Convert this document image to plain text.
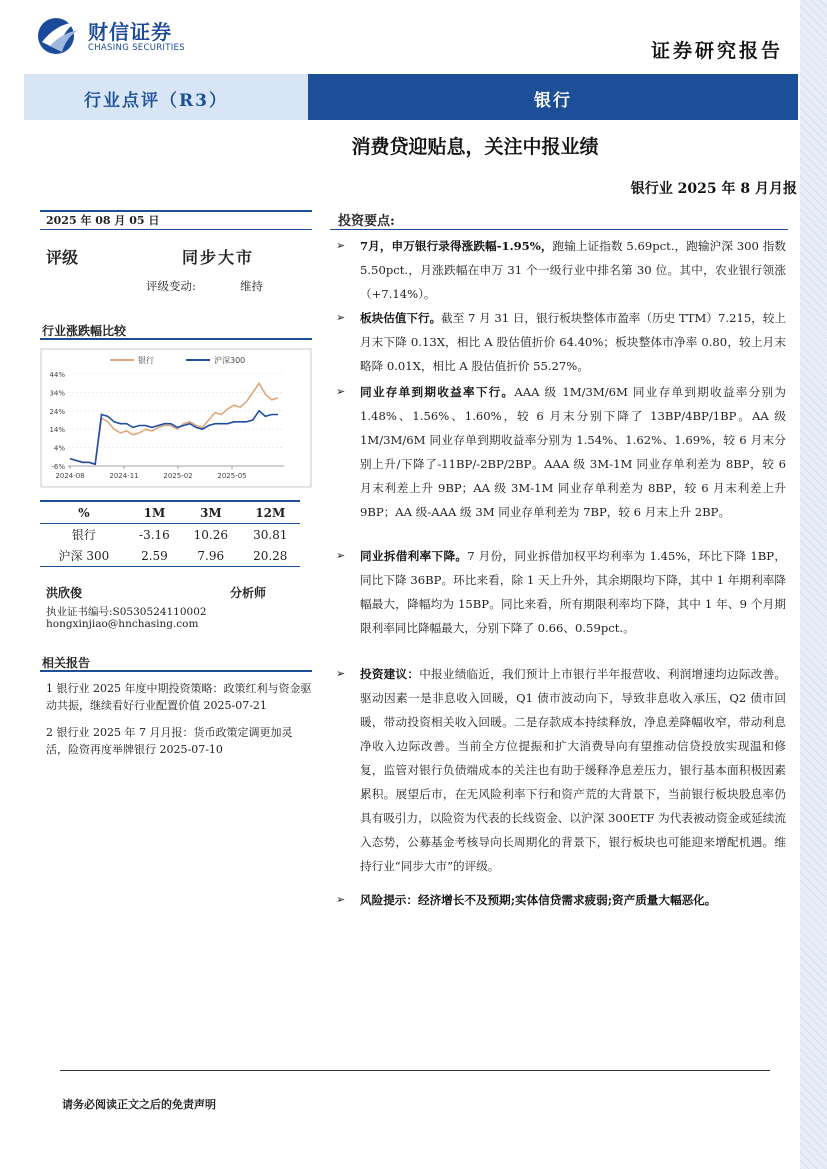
财信证券
CHASING SECURITIES	证券研究报告
行业点评（R3）	银行
消费贷迎贴息，关注中报业绩
银行业 2025 年 8 月月报
2025 年 08 月 05 日
评级	同步大市
评级变动:	维持
行业涨跌幅比较
银行	沪深300
44%
34%
24%
14%
4%
-6%
2024-08	2024-11	2025-02	2025-05
%	1M	3M	12M
银行	-3.16	10.26	30.81
沪深 300	2.59	7.96	20.28
洪欣俊	分析师
执业证书编号:S0530524110002
hongxinjiao@hnchasing.com
相关报告

1 银行业 2025 年度中期投资策略：政策红利与资金驱动共振，继续看好行业配置价值 2025-07-21

2 银行业 2025 年 7 月月报：货币政策定调更加灵活，险资再度举牌银行 2025-07-10

投资要点:
➢ 7月，申万银行录得涨跌幅-1.95%，跑输上证指数 5.69pct.，跑输沪深 300 指数 5.50pct.，月涨跌幅在申万 31 个一级行业中排名第 30 位。其中，农业银行领涨（+7.14%）。
➢ 板块估值下行。截至 7 月 31 日，银行板块整体市盈率（历史 TTM）7.215，较上月末下降 0.13X，相比 A 股估值折价 64.40%；板块整体市净率 0.80，较上月末略降 0.01X，相比 A 股估值折价 55.27%。
➢ 同业存单到期收益率下行。AAA 级 1M/3M/6M 同业存单到期收益率分别为 1.48%、1.56%、1.60%，较 6 月末分别下降了 13BP/4BP/1BP。AA 级 1M/3M/6M 同业存单到期收益率分别为 1.54%、1.62%、1.69%，较 6 月末分别上升/下降了-11BP/-2BP/2BP。AAA 级 3M-1M 同业存单利差为 8BP，较 6 月末利差上升 9BP；AA 级 3M-1M 同业存单利差为 8BP，较 6 月末利差上升 9BP；AA 级-AAA 级 3M 同业存单利差为 7BP，较 6 月末上升 2BP。
➢ 同业拆借利率下降。7 月份，同业拆借加权平均利率为 1.45%，环比下降 1BP，同比下降 36BP。环比来看，除 1 天上升外，其余期限均下降，其中 1 年期利率降幅最大，降幅均为 15BP。同比来看，所有期限利率均下降，其中 1 年、9 个月期限利率同比降幅最大，分别下降了 0.66、0.59pct.。
➢ 投资建议：中报业绩临近，我们预计上市银行半年报营收、利润增速均边际改善。驱动因素一是非息收入回暖，Q1 债市波动向下，导致非息收入承压，Q2 债市回暖，带动投资相关收入回暖。二是存款成本持续释放，净息差降幅收窄，带动利息净收入边际改善。当前全方位提振和扩大消费导向有望推动信贷投放实现温和修复，监管对银行负债端成本的关注也有助于缓释净息差压力，银行基本面积极因素累积。展望后市，在无风险利率下行和资产荒的大背景下，当前银行板块股息率仍具有吸引力，以险资为代表的长线资金、以沪深 300ETF 为代表被动资金或延续流入态势，公募基金考核导向长周期化的背景下，银行板块也可能迎来增配机遇。维持行业“同步大市”的评级。
➢ 风险提示：经济增长不及预期;实体信贷需求疲弱;资产质量大幅恶化。
请务必阅读正文之后的免责声明
